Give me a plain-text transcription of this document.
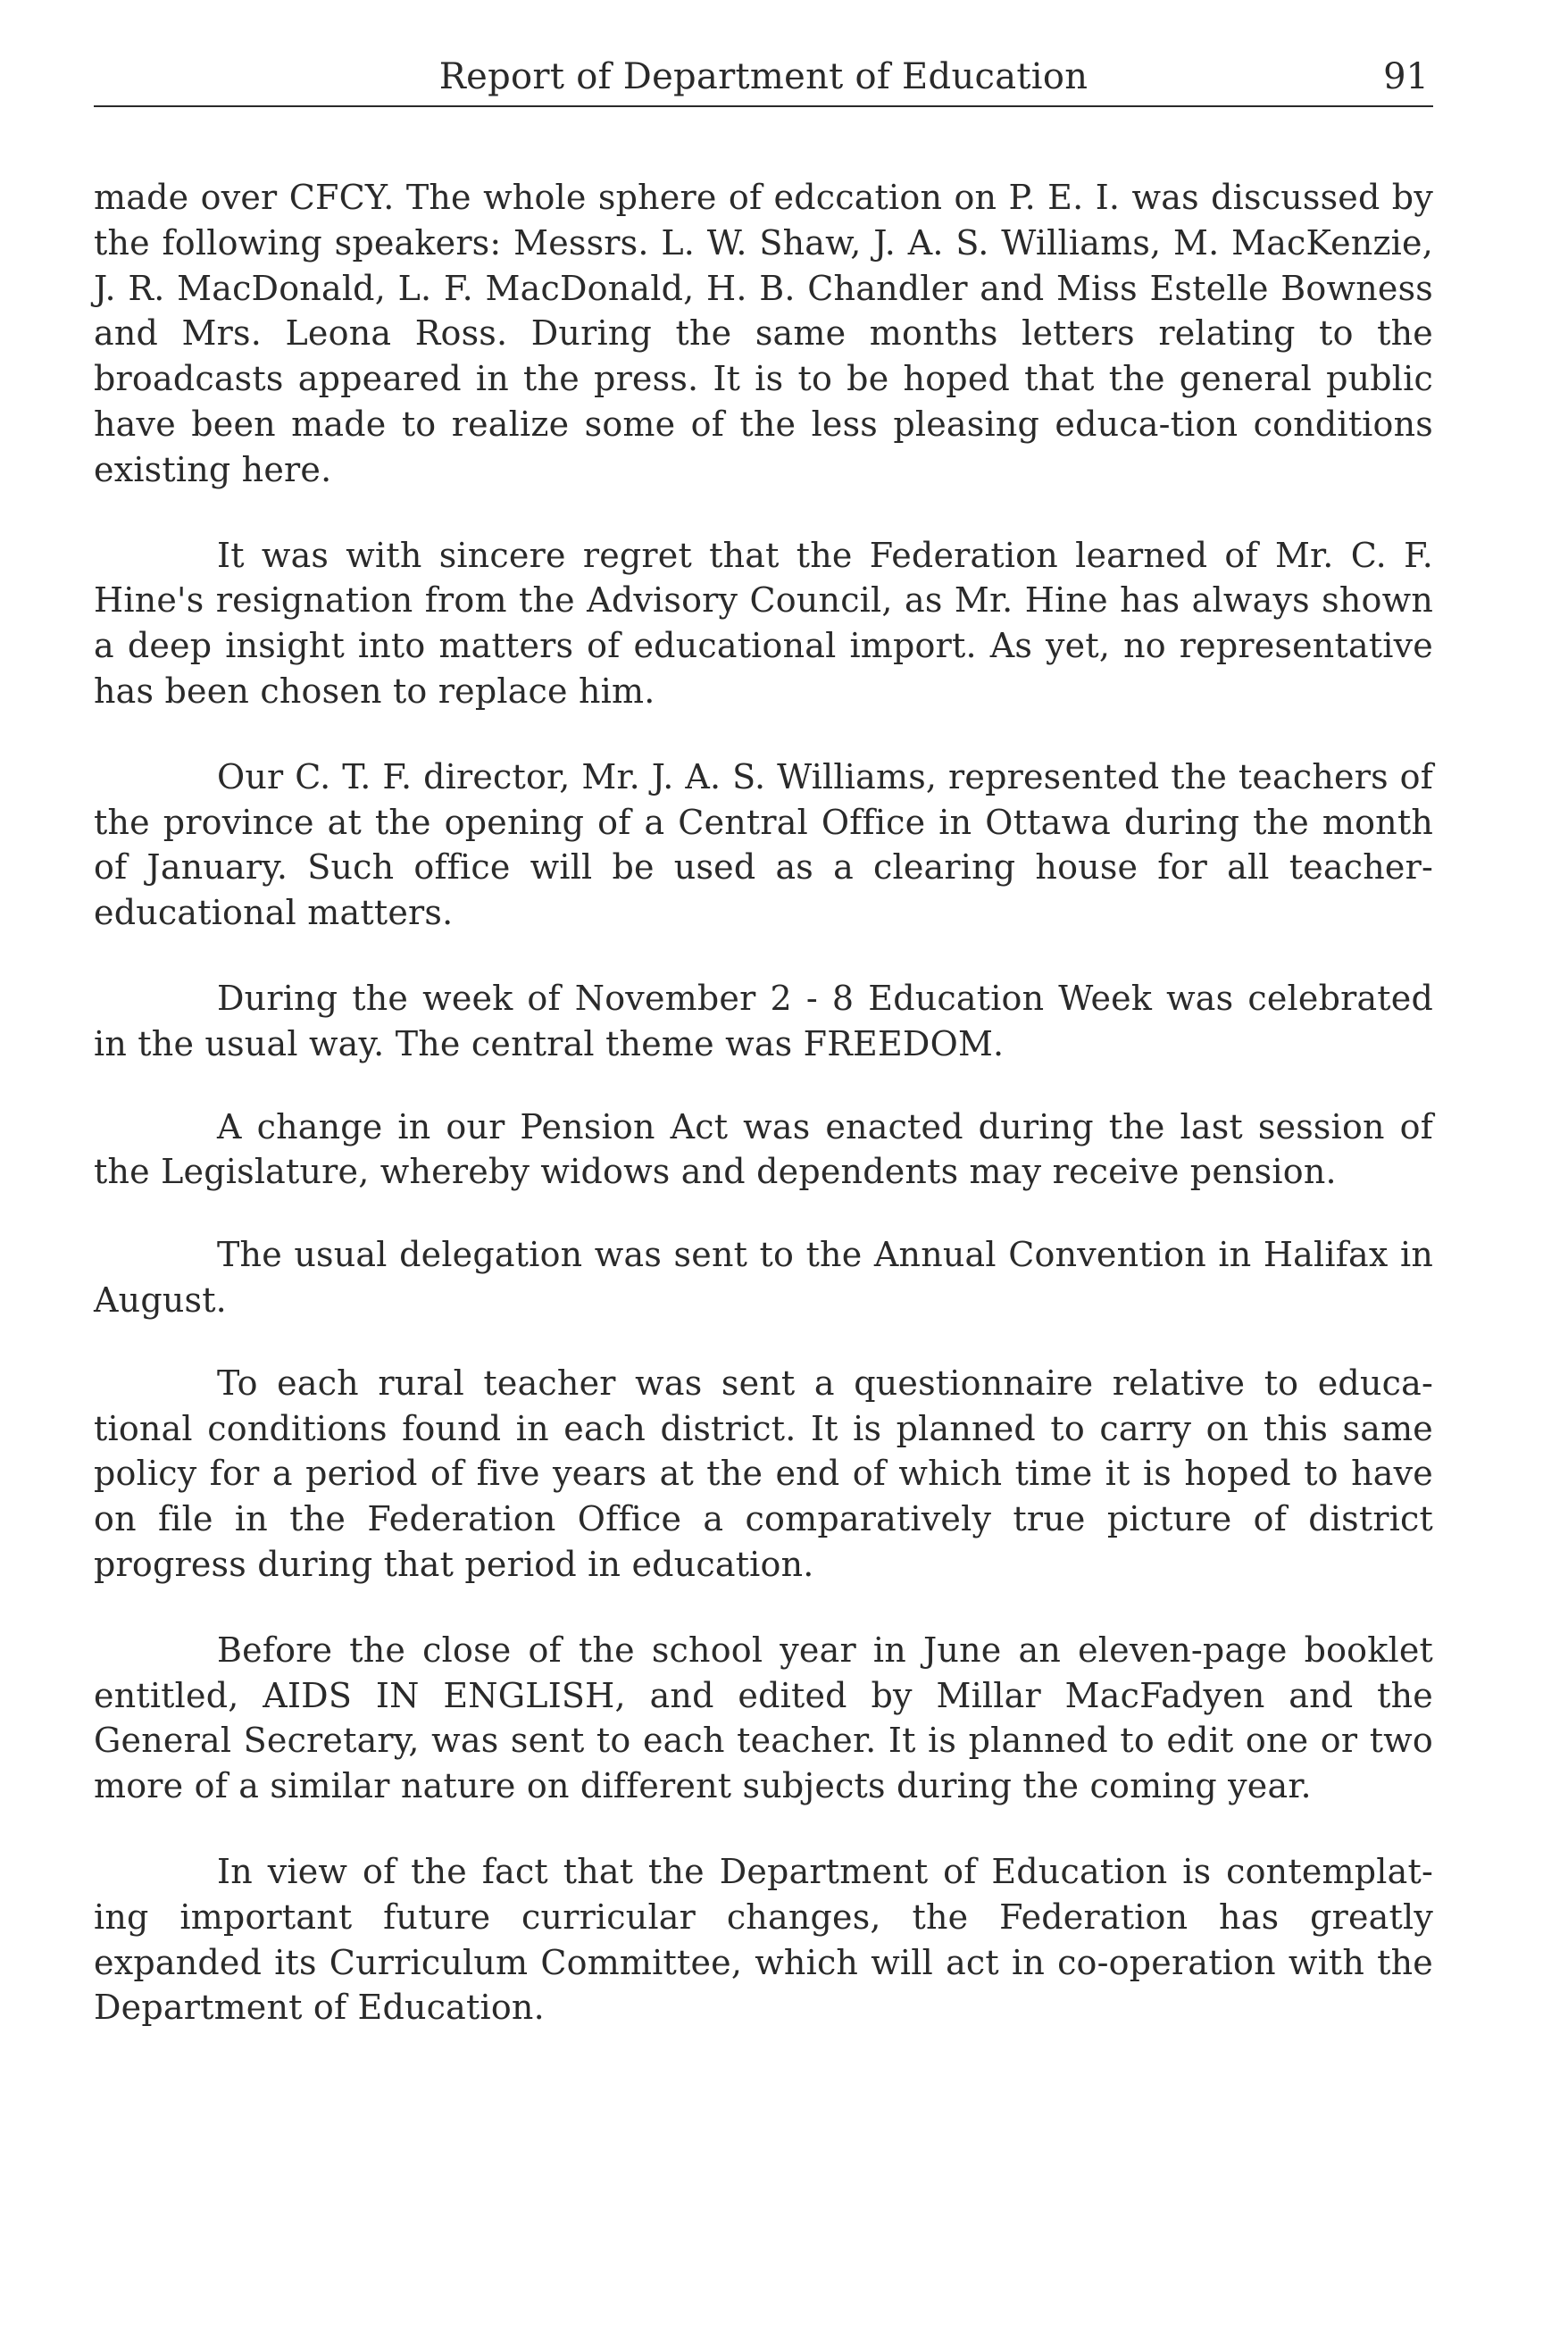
Report of Department of Education	91

made over CFCY. The whole sphere of edccation on P. E. I. was discussed by the following speakers: Messrs. L. W. Shaw, J. A. S. Williams, M. MacKenzie, J. R. MacDonald, L. F. MacDonald, H. B. Chandler and Miss Estelle Bowness and Mrs. Leona Ross. During the same months letters relating to the broadcasts appeared in the press. It is to be hoped that the general public have been made to realize some of the less pleasing educa-tion conditions existing here.

It was with sincere regret that the Federation learned of Mr. C. F. Hine's resignation from the Advisory Council, as Mr. Hine has always shown a deep insight into matters of educational import. As yet, no representative has been chosen to replace him.

Our C. T. F. director, Mr. J. A. S. Williams, represented the teachers of the province at the opening of a Central Office in Ottawa during the month of January. Such office will be used as a clearing house for all teacher-educational matters.

During the week of November 2 - 8 Education Week was celebrated in the usual way. The central theme was FREEDOM.

A change in our Pension Act was enacted during the last session of the Legislature, whereby widows and dependents may receive pension.

The usual delegation was sent to the Annual Convention in Halifax in August.

To each rural teacher was sent a questionnaire relative to educa-tional conditions found in each district. It is planned to carry on this same policy for a period of five years at the end of which time it is hoped to have on file in the Federation Office a comparatively true picture of district progress during that period in education.

Before the close of the school year in June an eleven-page booklet entitled, AIDS IN ENGLISH, and edited by Millar MacFadyen and the General Secretary, was sent to each teacher. It is planned to edit one or two more of a similar nature on different subjects during the coming year.

In view of the fact that the Department of Education is contemplat-ing important future curricular changes, the Federation has greatly expanded its Curriculum Committee, which will act in co-operation with the Department of Education.
